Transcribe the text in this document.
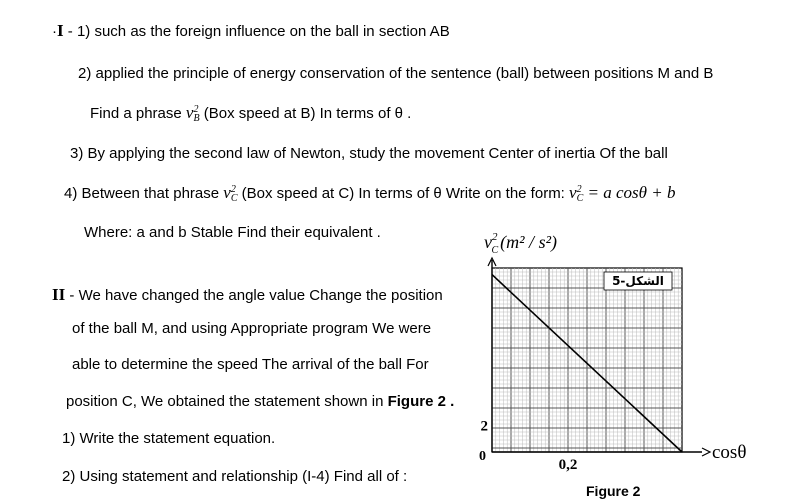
·I - 1) such as the foreign influence on the ball in section AB
2) applied the principle of energy conservation of the sentence (ball) between positions M and B
Find a phrase v 2
B (Box speed at B) In terms of θ .
3) By applying the second law of Newton, study the movement Center of inertia Of the ball
4) Between that phrase v 2
C (Box speed at C) In terms of θ Write on the form: v 2
C = a cosθ + b
Where: a and b Stable Find their equivalent .
II - We have changed the angle value Change the position
of the ball M, and using Appropriate program We were
able to determine the speed The arrival of the ball For
position C, We obtained the statement shown in Figure 2 .
1) Write the statement equation.
2) Using statement and relationship (I-4) Find all of :
$v^2$ C (m² / s²)
الشكل-5
2
0,2
0	cosθ
Figure 2
